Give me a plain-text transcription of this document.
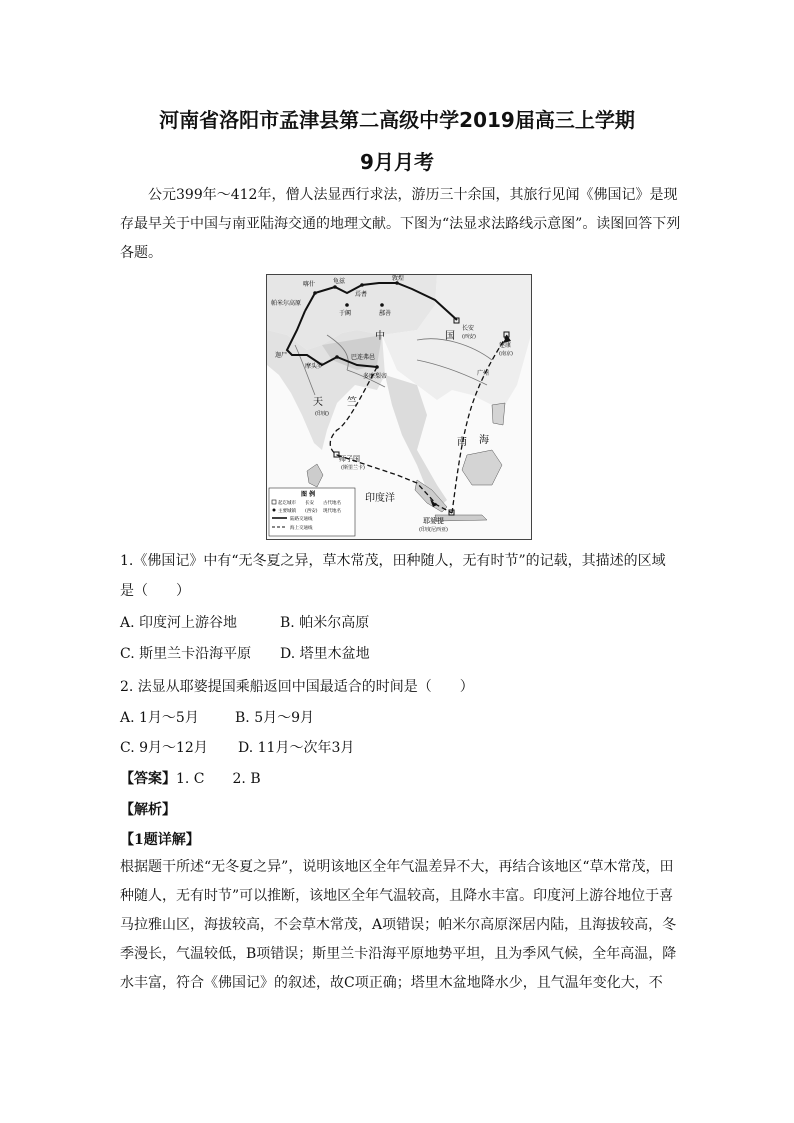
河南省洛阳市孟津县第二高级中学2019届高三上学期
9月月考
公元399年～412年，僧人法显西行求法，游历三十余国，其旅行见闻《佛国记》是现存最早关于中国与南亚陆海交通的地理文献。下图为“法显求法路线示意图”。读图回答下列各题。
喀什	龟兹
焉耆
敦煌
帕米尔高原
于阗	鄯善
中	国
长安
建康
南 海
天 竺
印度洋
师子国
耶婆提
摩头罗
多摩梨帝	广州
迦尸	巴连弗邑
(斯里兰卡)
(印度尼西亚)
(印度)
(南京)
(西安)
图 例
起讫城市 长安 古代地名
主要城镇 (西安) 现代地名
陆路交通线
海上交通线
1.《佛国记》中有“无冬夏之异，草木常茂，田种随人，无有时节”的记载，其描述的区域
是（　　）
A. 印度河上游谷地	B. 帕米尔高原
C. 斯里兰卡沿海平原 D. 塔里木盆地
2. 法显从耶婆提国乘船返回中国最适合的时间是（　　）
A. 1月～5月	B. 5月～9月
C. 9月～12月 D. 11月～次年3月
【答案】1. C　　2. B
【解析】
【1题详解】
根据题干所述“无冬夏之异”，说明该地区全年气温差异不大，再结合该地区“草木常茂，田种随人，无有时节”可以推断，该地区全年气温较高，且降水丰富。印度河上游谷地位于喜马拉雅山区，海拔较高，不会草木常茂，A项错误；帕米尔高原深居内陆，且海拔较高，冬季漫长，气温较低，B项错误；斯里兰卡沿海平原地势平坦，且为季风气候，全年高温，降水丰富，符合《佛国记》的叙述，故C项正确；塔里木盆地降水少，且气温年变化大，不
